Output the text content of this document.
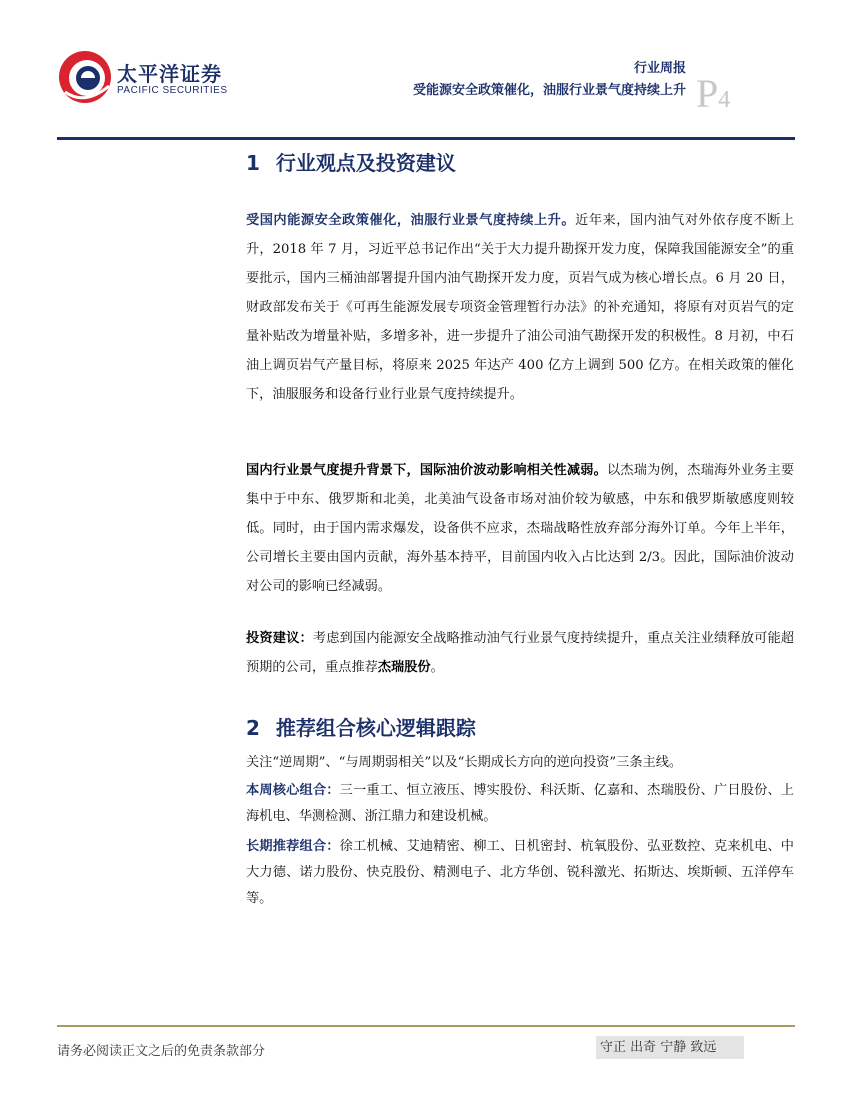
太平洋证券
PACIFIC SECURITIES
行业周报
受能源安全政策催化，油服行业景气度持续上升 P4
1 行业观点及投资建议

受国内能源安全政策催化，油服行业景气度持续上升。近年来，国内油气对外依存度不断上升，2018 年 7 月，习近平总书记作出“关于大力提升勘探开发力度，保障我国能源安全”的重要批示，国内三桶油部署提升国内油气勘探开发力度，页岩气成为核心增长点。6 月 20 日，财政部发布关于《可再生能源发展专项资金管理暂行办法》的补充通知，将原有对页岩气的定量补贴改为增量补贴，多增多补，进一步提升了油公司油气勘探开发的积极性。8 月初，中石油上调页岩气产量目标，将原来 2025 年达产 400 亿方上调到 500 亿方。在相关政策的催化下，油服服务和设备行业行业景气度持续提升。

国内行业景气度提升背景下，国际油价波动影响相关性减弱。以杰瑞为例，杰瑞海外业务主要集中于中东、俄罗斯和北美，北美油气设备市场对油价较为敏感，中东和俄罗斯敏感度则较低。同时，由于国内需求爆发，设备供不应求，杰瑞战略性放弃部分海外订单。今年上半年，公司增长主要由国内贡献，海外基本持平，目前国内收入占比达到 2/3。因此，国际油价波动对公司的影响已经减弱。

投资建议：考虑到国内能源安全战略推动油气行业景气度持续提升，重点关注业绩释放可能超预期的公司，重点推荐杰瑞股份。

2 推荐组合核心逻辑跟踪

关注“逆周期”、“与周期弱相关”以及“长期成长方向的逆向投资”三条主线。

本周核心组合：三一重工、恒立液压、博实股份、科沃斯、亿嘉和、杰瑞股份、广日股份、上海机电、华测检测、浙江鼎力和建设机械。

长期推荐组合：徐工机械、艾迪精密、柳工、日机密封、杭氧股份、弘亚数控、克来机电、中大力德、诺力股份、快克股份、精测电子、北方华创、锐科激光、拓斯达、埃斯顿、五洋停车等。

请务必阅读正文之后的免责条款部分	守正 出奇 宁静 致远
